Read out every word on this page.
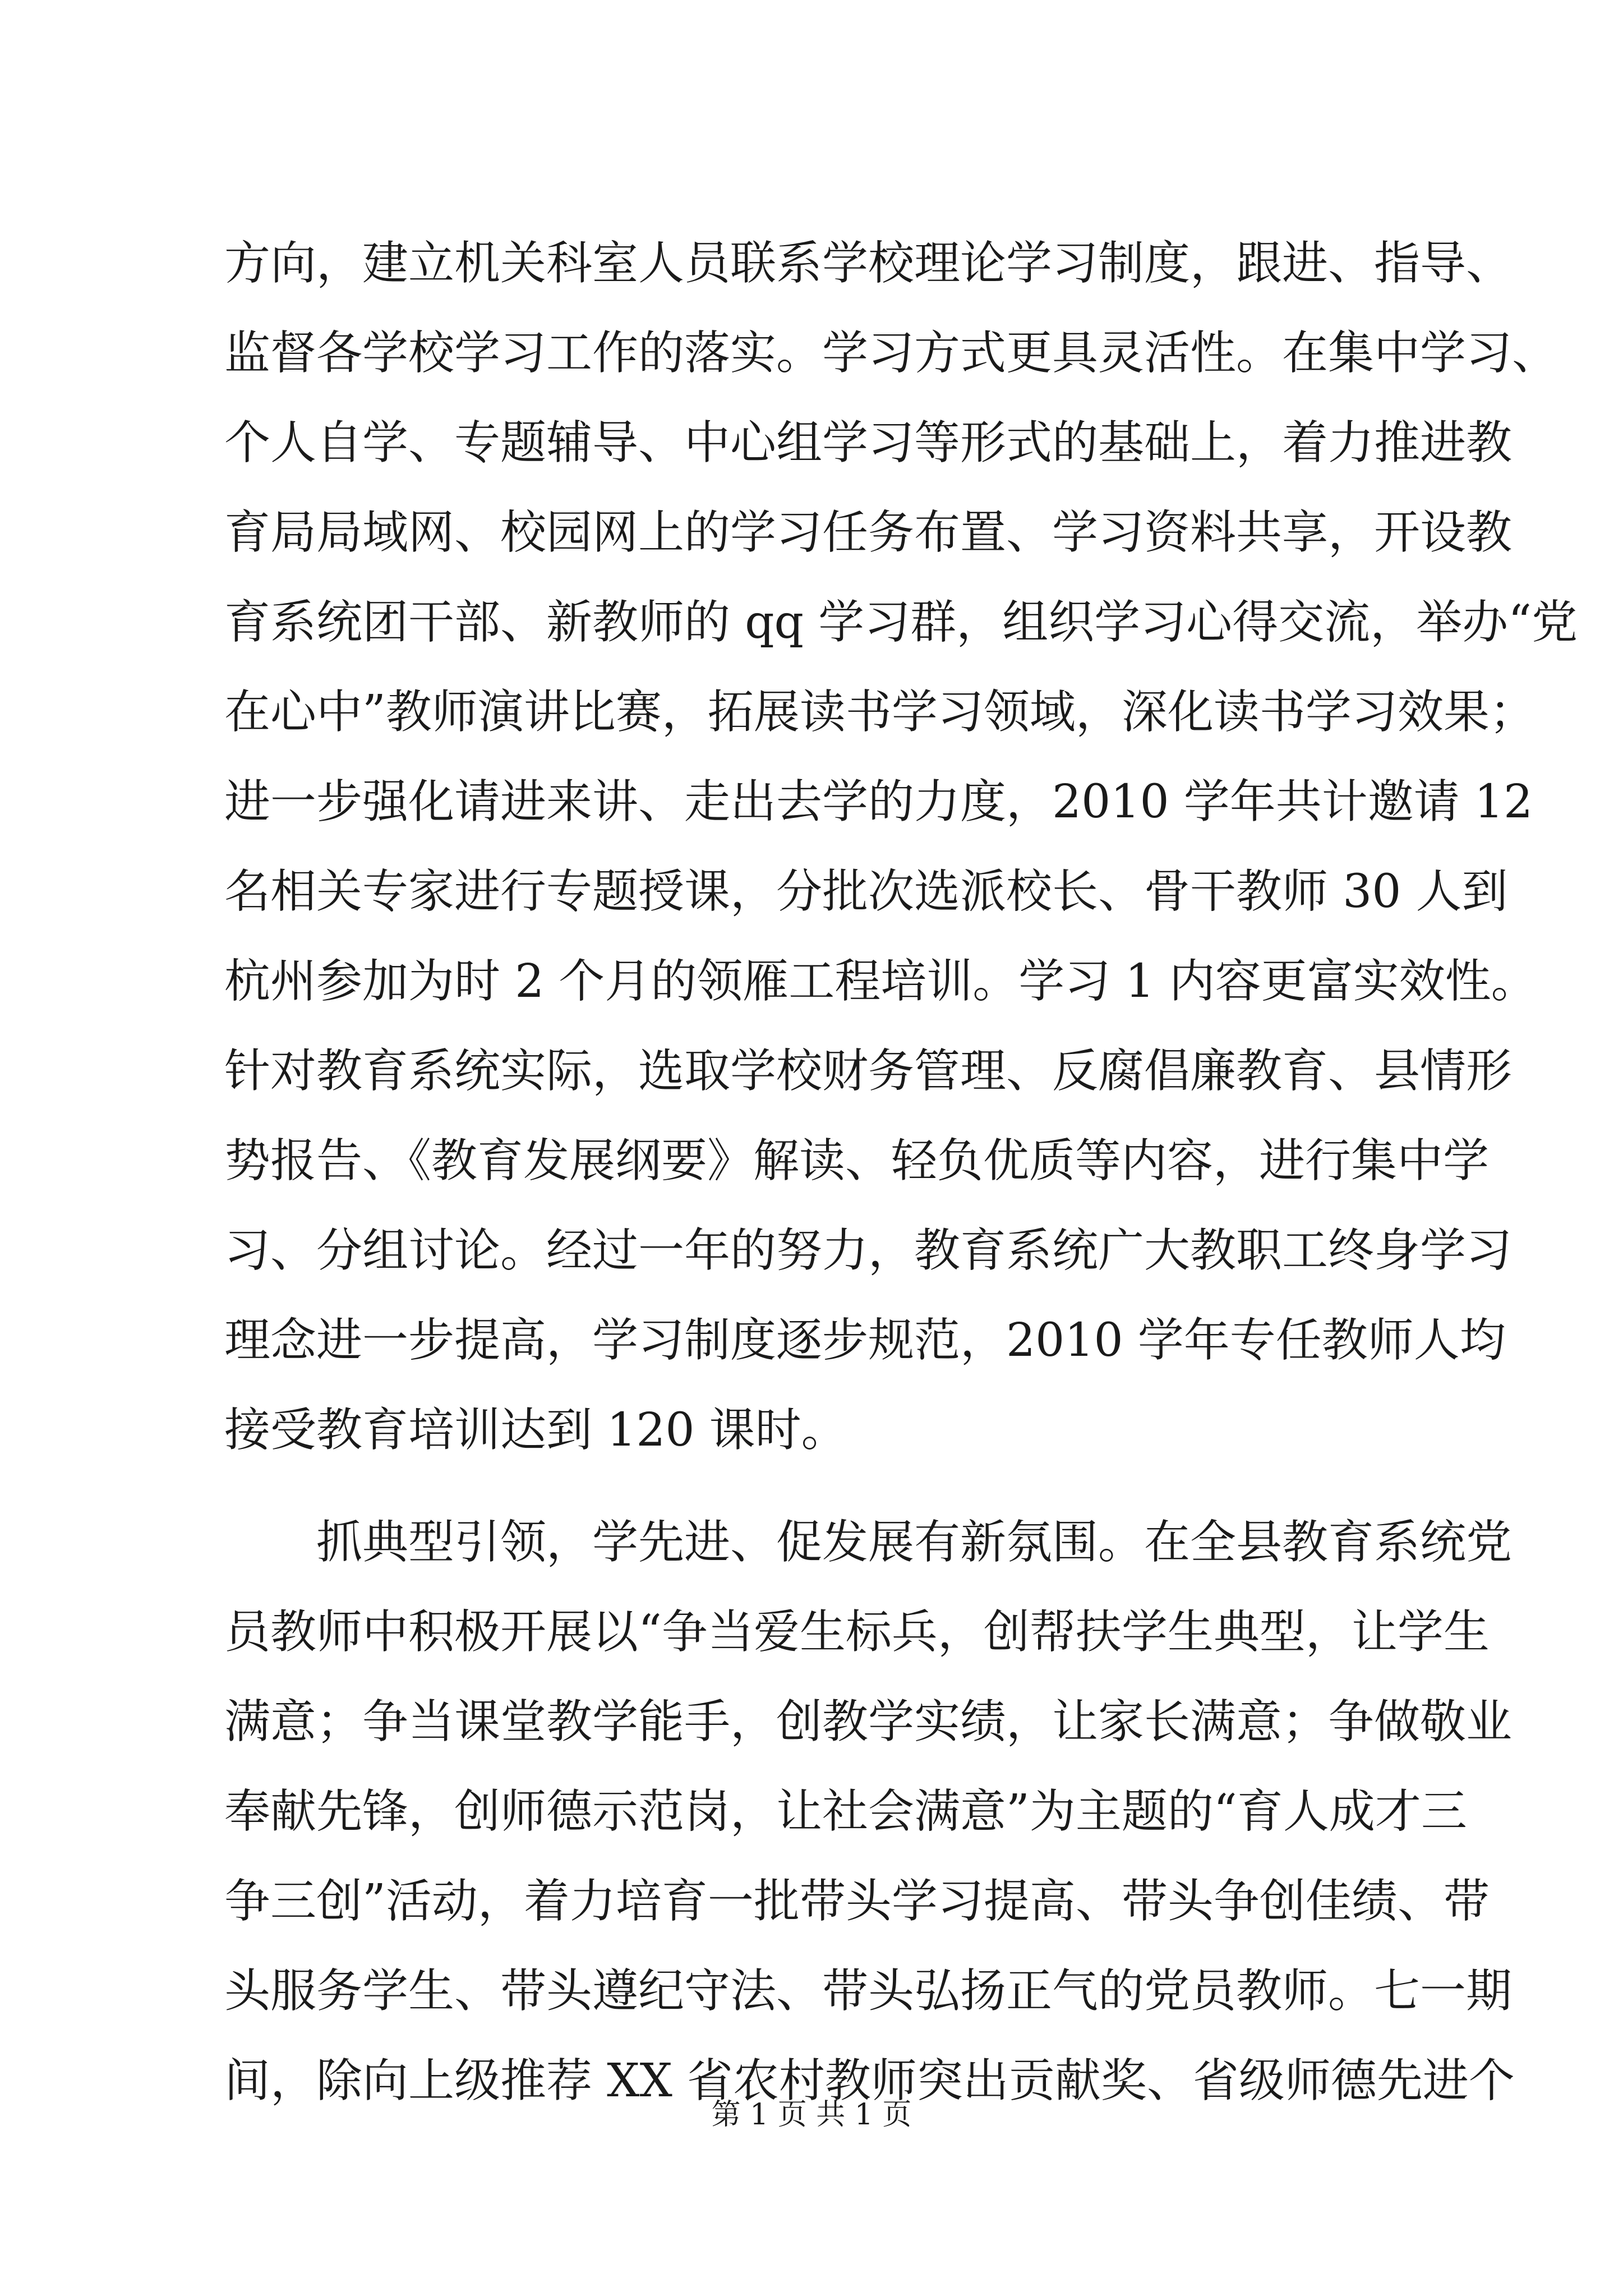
方向，建立机关科室人员联系学校理论学习制度，跟进、指导、
监督各学校学习工作的落实。学习方式更具灵活性。在集中学习、
个人自学、专题辅导、中心组学习等形式的基础上，着力推进教
育局局域网、校园网上的学习任务布置、学习资料共享，开设教
育系统团干部、新教师的 qq 学习群，组织学习心得交流，举办“党
在心中”教师演讲比赛，拓展读书学习领域，深化读书学习效果；
进一步强化请进来讲、走出去学的力度，2010 学年共计邀请 12
名相关专家进行专题授课，分批次选派校长、骨干教师 30 人到
杭州参加为时 2 个月的领雁工程培训。学习 1 内容更富实效性。
针对教育系统实际，选取学校财务管理、反腐倡廉教育、县情形
势报告、《教育发展纲要》解读、轻负优质等内容，进行集中学
习、分组讨论。经过一年的努力，教育系统广大教职工终身学习
理念进一步提高，学习制度逐步规范，2010 学年专任教师人均
接受教育培训达到 120 课时。
　　抓典型引领，学先进、促发展有新氛围。在全县教育系统党
员教师中积极开展以“争当爱生标兵，创帮扶学生典型，让学生
满意；争当课堂教学能手，创教学实绩，让家长满意；争做敬业
奉献先锋，创师德示范岗，让社会满意”为主题的“育人成才三
争三创”活动，着力培育一批带头学习提高、带头争创佳绩、带
头服务学生、带头遵纪守法、带头弘扬正气的党员教师。七一期
间，除向上级推荐 XX 省农村教师突出贡献奖、省级师德先进个
第 1 页 共 1 页
